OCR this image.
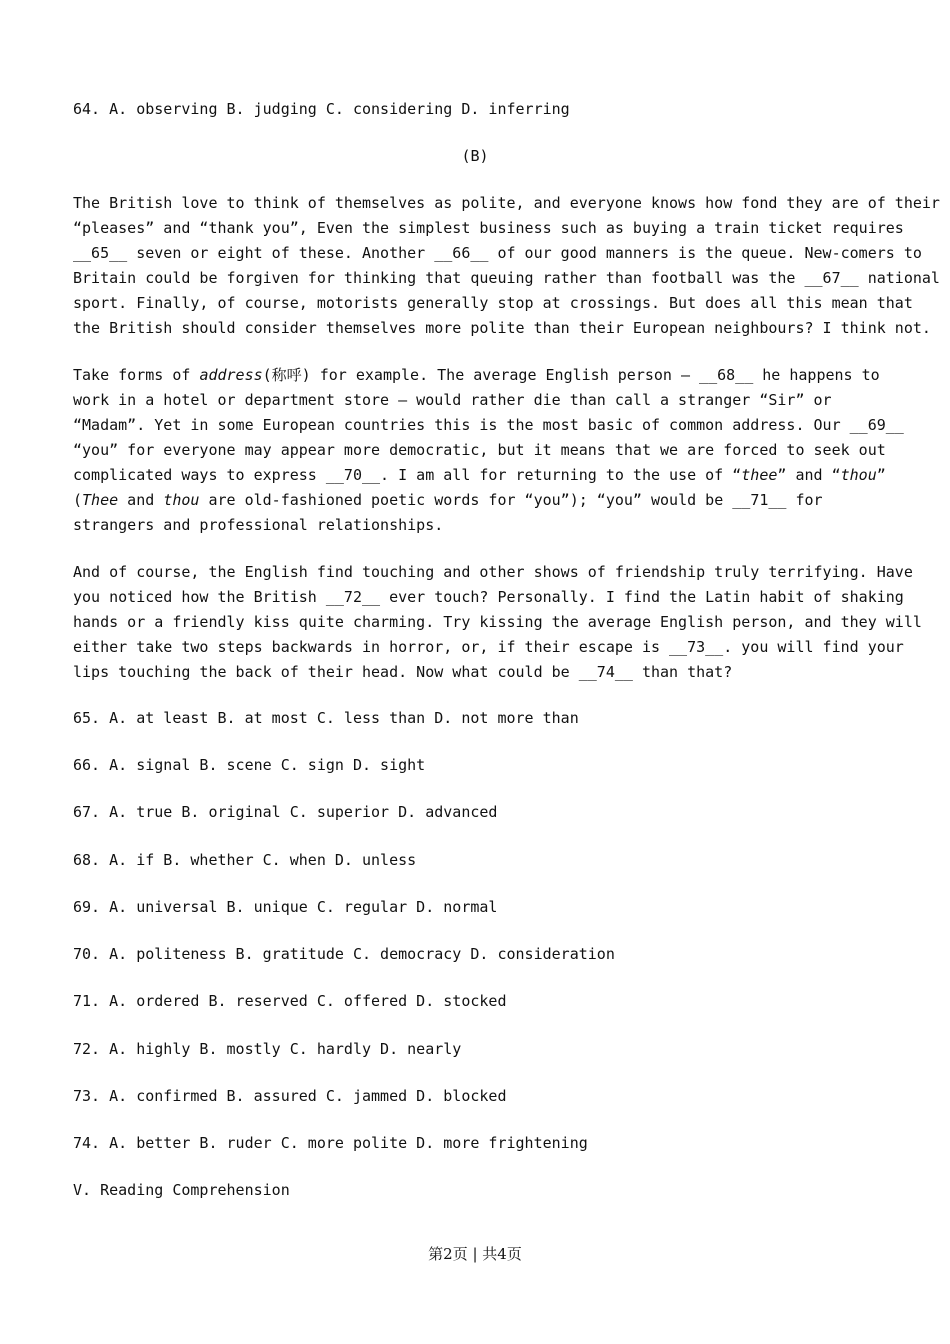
64. A. observing B. judging C. considering D. inferring
(B)
The British love to think of themselves as polite, and everyone knows how fond they are of their
“pleases” and “thank you”, Even the simplest business such as buying a train ticket requires
__65__ seven or eight of these. Another __66__ of our good manners is the queue. New-comers to
Britain could be forgiven for thinking that queuing rather than football was the __67__ national
sport. Finally, of course, motorists generally stop at crossings. But does all this mean that
the British should consider themselves more polite than their European neighbours? I think not.
Take forms of address(称呼) for example. The average English person — __68__ he happens to
work in a hotel or department store — would rather die than call a stranger “Sir” or
“Madam”. Yet in some European countries this is the most basic of common address. Our __69__
“you” for everyone may appear more democratic, but it means that we are forced to seek out
complicated ways to express __70__. I am all for returning to the use of “thee” and “thou”
(Thee and thou are old-fashioned poetic words for “you”); “you” would be __71__ for
strangers and professional relationships.
And of course, the English find touching and other shows of friendship truly terrifying. Have
you noticed how the British __72__ ever touch? Personally. I find the Latin habit of shaking
hands or a friendly kiss quite charming. Try kissing the average English person, and they will
either take two steps backwards in horror, or, if their escape is __73__. you will find your
lips touching the back of their head. Now what could be __74__ than that?
65. A. at least B. at most C. less than D. not more than
66. A. signal B. scene C. sign D. sight
67. A. true B. original C. superior D. advanced
68. A. if B. whether C. when D. unless
69. A. universal B. unique C. regular D. normal
70. A. politeness B. gratitude C. democracy D. consideration
71. A. ordered B. reserved C. offered D. stocked
72. A. highly B. mostly C. hardly D. nearly
73. A. confirmed B. assured C. jammed D. blocked
74. A. better B. ruder C. more polite D. more frightening
V. Reading Comprehension
第2页 | 共4页
